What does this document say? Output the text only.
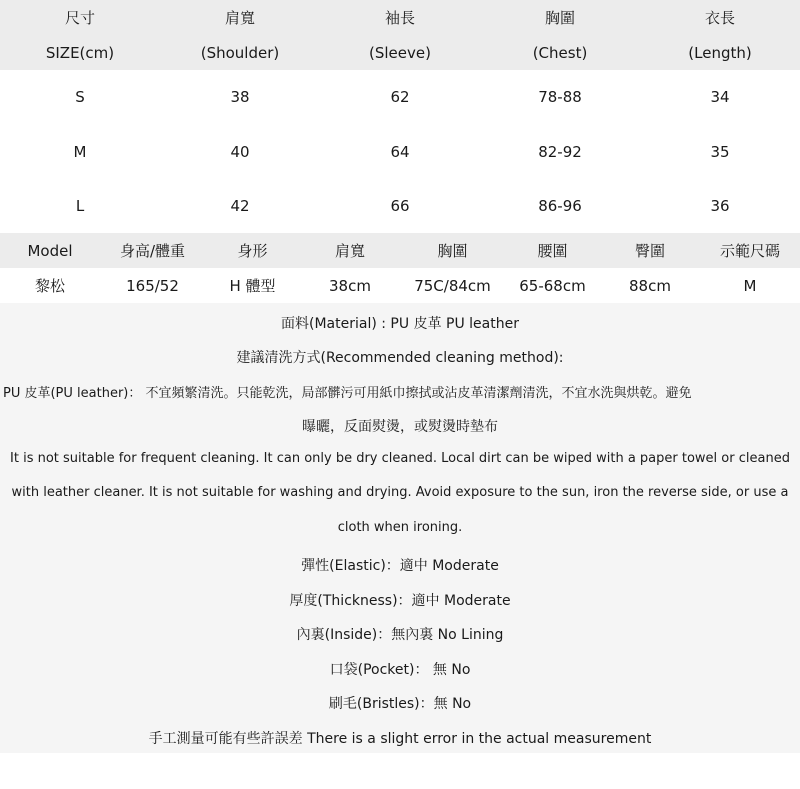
尺寸	肩寬	袖長	胸圍	衣長
SIZE(cm)	(Shoulder)	(Sleeve)	(Chest)	(Length)
S	38	62	78-88	34
M	40	64	82-92	35
L	42	66	86-96	36
Model	身高/體重	身形	肩寬	胸圍	腰圍	臀圍	示範尺碼
黎松	165/52	H 體型	38cm	75C/84cm	65-68cm	88cm	M
面料(Material) : PU 皮革 PU leather
建議清洗方式(Recommended cleaning method):
PU 皮革(PU leather)： 不宜頻繁清洗。只能乾洗，局部髒污可用紙巾擦拭或沾皮革清潔劑清洗，不宜水洗與烘乾。避免
曝曬，反面熨燙，或熨燙時墊布
It is not suitable for frequent cleaning. It can only be dry cleaned. Local dirt can be wiped with a paper towel or cleaned
with leather cleaner. It is not suitable for washing and drying. Avoid exposure to the sun, iron the reverse side, or use a
cloth when ironing.
彈性(Elastic)：適中 Moderate
厚度(Thickness)：適中 Moderate
內裏(Inside)：無內裏 No Lining
口袋(Pocket)： 無 No
刷毛(Bristles)：無 No
手工測量可能有些許誤差 There is a slight error in the actual measurement
